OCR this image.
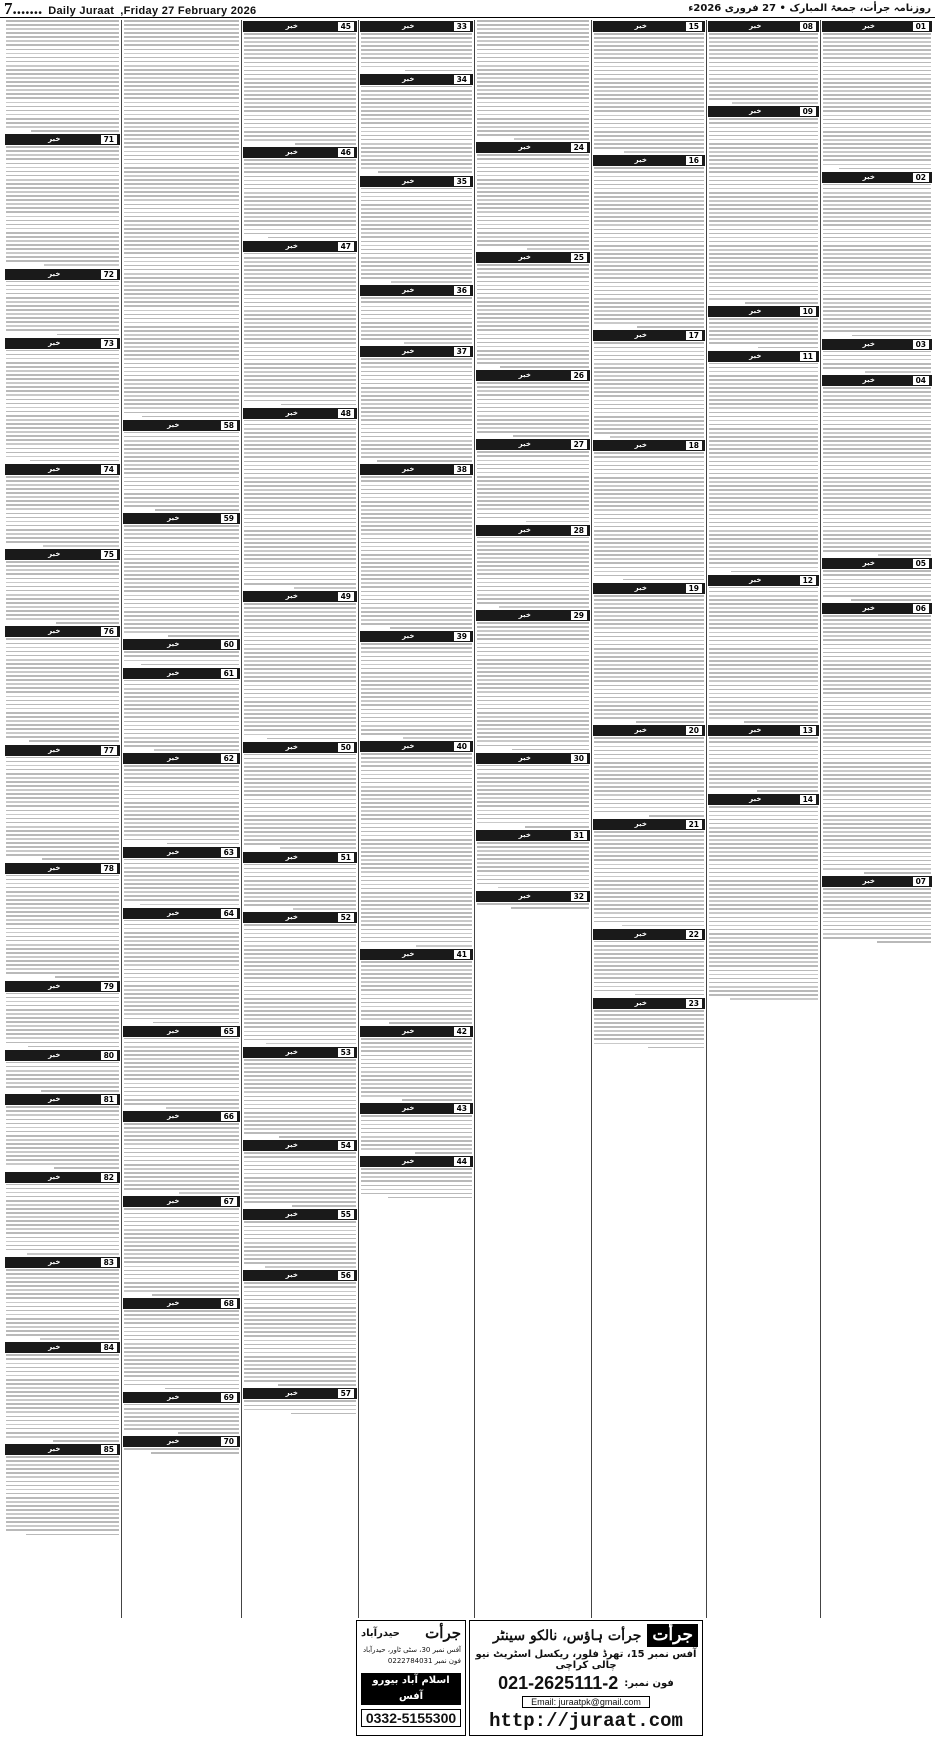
7....... Daily Juraat ,Friday 27 February 2026	روزنامہ جرأت، جمعۃ المبارک • 27 فروری 2026ء
01
خبر
02
خبر
03
خبر
04
خبر
05
خبر
06
خبر
07
خبر
08
خبر
09
خبر
10
خبر
11
خبر
12
خبر
13
خبر
14
خبر
15
خبر
16
خبر
17
خبر
18
خبر
19
خبر
20
خبر
21
خبر
22
خبر
23
خبر
24
خبر
25
خبر
26
خبر
27
خبر
28
خبر
29
خبر
30
خبر
31
خبر
32
خبر
33
خبر
34
خبر
35
خبر
36
خبر
37
خبر
38
خبر
39
خبر
40
خبر
41
خبر
42
خبر
43
خبر
44
خبر
45
خبر
46
خبر
47
خبر
48
خبر
49
خبر
50
خبر
51
خبر
52
خبر
53
خبر
54
خبر
55
خبر
56
خبر
57
خبر
58
خبر
59
خبر
60
خبر
61
خبر
62
خبر
63
خبر
64
خبر
65
خبر
66
خبر
67
خبر
68
خبر
69
خبر
70
خبر
71
خبر
72
خبر
73
خبر
74
خبر
75
خبر
76
خبر
77
خبر
78
خبر
79
خبر
80
خبر
81
خبر
82
خبر
83
خبر
84
خبر
85
خبر
جرأت
جرأت ہاؤس، نالکو سینٹر
آفس نمبر 15، تھرڈ فلور، ریکسل اسٹریٹ نیو چالی کراچی
فون نمبر:
021-2625111-2
Email: juraatpk@gmail.com
http://juraat.com
جرأت
حیدرآباد
آفس نمبر 30، سٹی ٹاور، حیدرآباد
فون نمبر 0222784031
اسلام آباد بیورو آفس
0332-5155300
